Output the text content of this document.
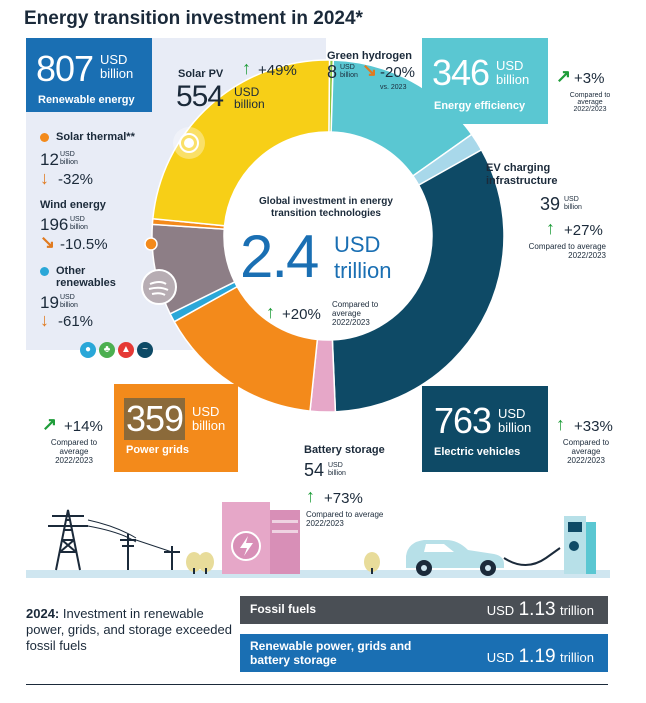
Energy transition investment in 2024*
807 USD
billion
Renewable energy
Solar PV
554 USD
billion
↑ +49%
Green hydrogen
8 USD
billion ↘ -20%
vs. 2023 346 USD
billion
Energy efficiency
↗ +3%
Compared to average 2022/2023
Solar thermal**
12 USD
billion
↓ -32%
Wind energy
196 USD
billion
↘ -10.5%
Other renewables
19 USD
billion
↓ -61%
●	♣	▲	~
Global investment in energy transition technologies
2.4 USD
trillion
↑ +20%
Compared to average 2022/2023
EV charging infrastructure
39 USD
billion
↑ +27%
Compared to average 2022/2023
359 USD
billion
Power grids
↗ +14%
Compared to average 2022/2023
Battery storage
54 USD
billion
↑ +73%
Compared to average 2022/2023
763 USD
billion
Electric vehicles
↑ +33%
Compared to average 2022/2023
2024: Investment in renewable power, grids, and storage exceeded fossil fuels
Fossil fuels	USD 1.13 trillion
Renewable power, grids and battery storage	USD 1.19 trillion
